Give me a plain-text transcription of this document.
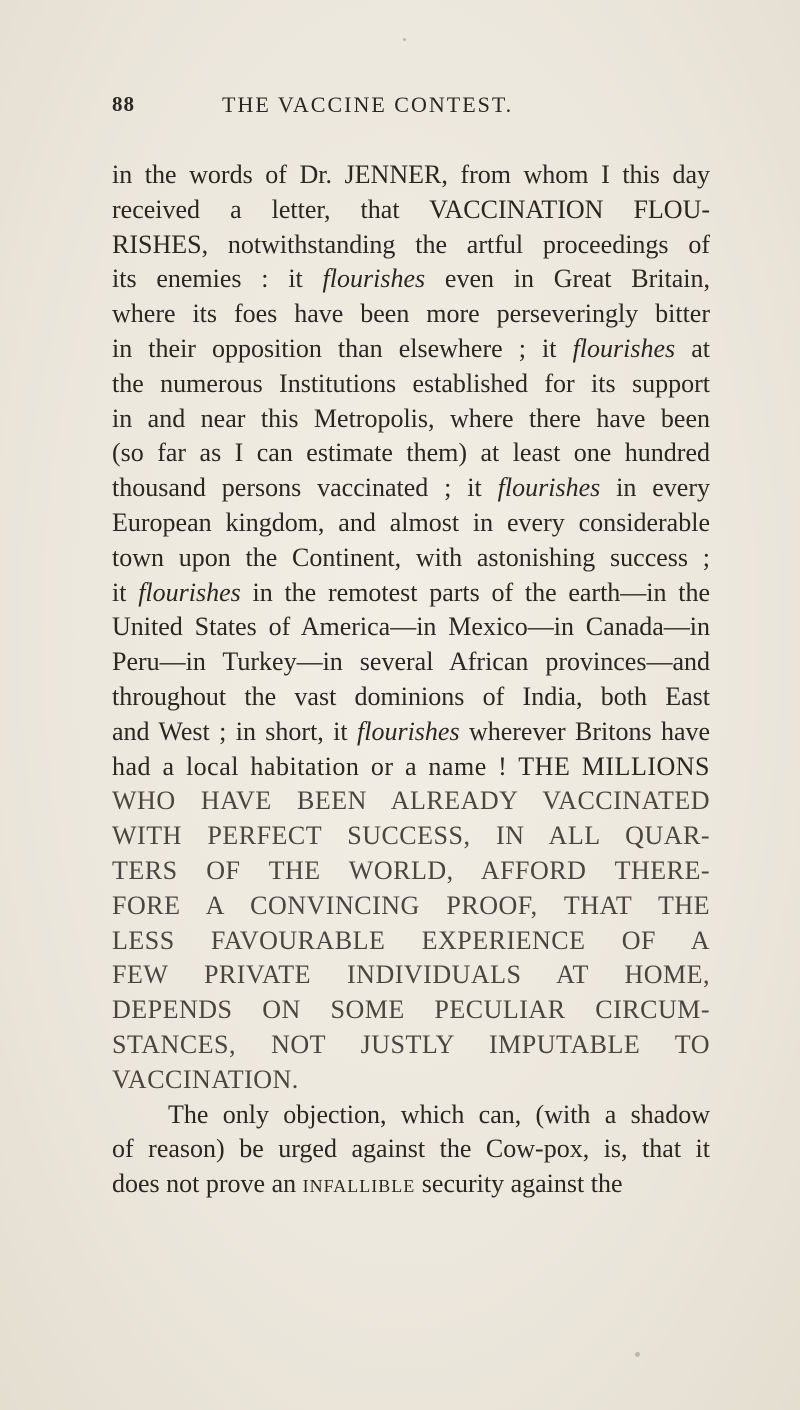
88	THE VACCINE CONTEST.
in the words of Dr. JENNER, from whom I this day
received a letter, that VACCINATION FLOU-
RISHES, notwithstanding the artful proceedings of
its enemies : it flourishes even in Great Britain,
where its foes have been more perseveringly bitter
in their opposition than elsewhere ; it flourishes at
the numerous Institutions established for its support
in and near this Metropolis, where there have been
(so far as I can estimate them) at least one hundred
thousand persons vaccinated ; it flourishes in every
European kingdom, and almost in every considerable
town upon the Continent, with astonishing success ;
it flourishes in the remotest parts of the earth—in the
United States of America—in Mexico—in Canada—in
Peru—in Turkey—in several African provinces—and
throughout the vast dominions of India, both East
and West ; in short, it flourishes wherever Britons have
had a local habitation or a name ! THE MILLIONS
WHO HAVE BEEN ALREADY VACCINATED
WITH PERFECT SUCCESS, IN ALL QUAR-
TERS OF THE WORLD, AFFORD THERE-
FORE A CONVINCING PROOF, THAT THE
LESS FAVOURABLE EXPERIENCE OF A
FEW PRIVATE INDIVIDUALS AT HOME,
DEPENDS ON SOME PECULIAR CIRCUM-
STANCES, NOT JUSTLY IMPUTABLE TO
VACCINATION.
The only objection, which can, (with a shadow
of reason) be urged against the Cow-pox, is, that it
does not prove an infallible security against the
